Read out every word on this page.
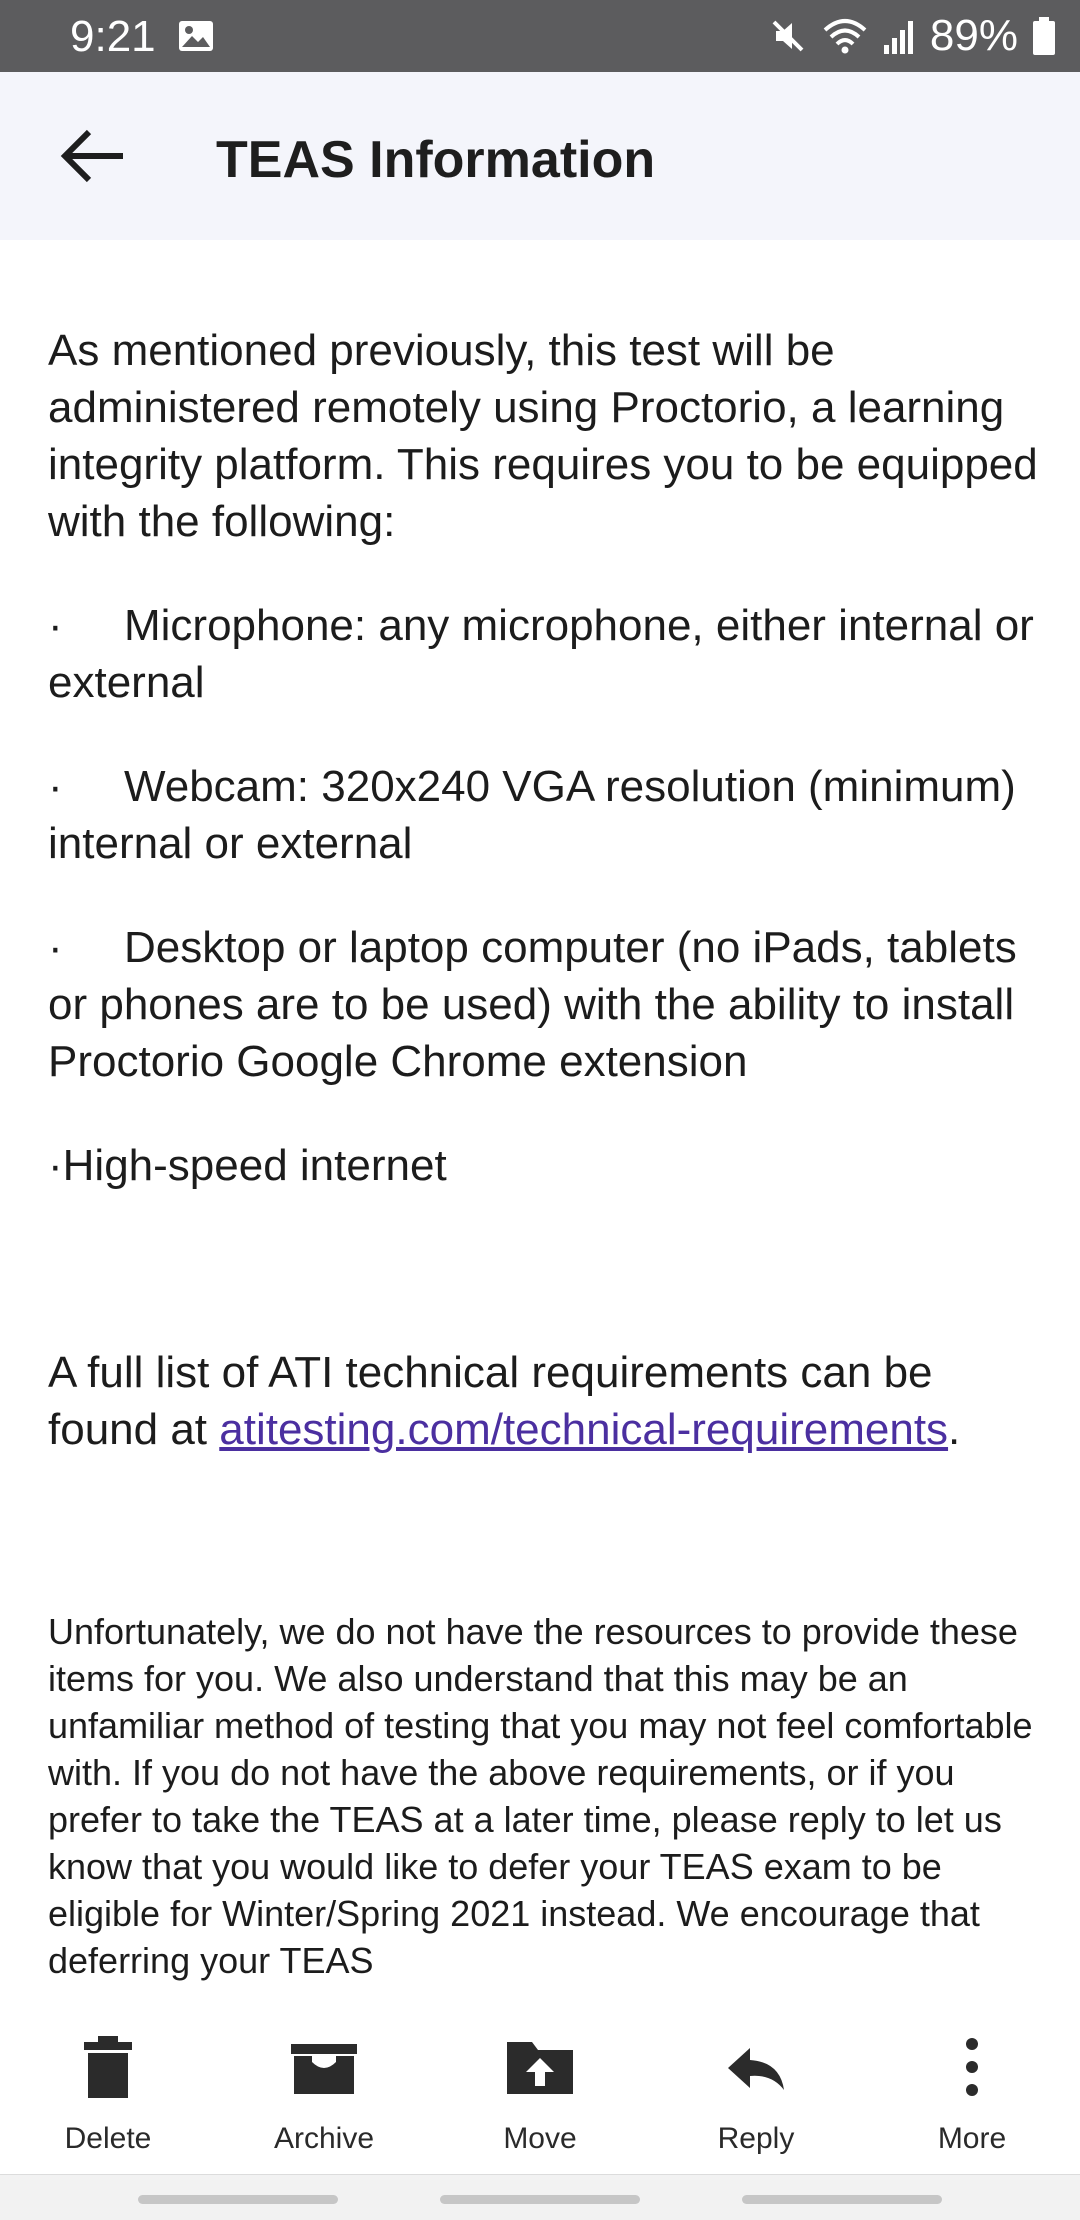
9:21	89%
TEAS Information

As mentioned previously, this test will be administered remotely using Proctorio, a learning integrity platform. This requires you to be equipped with the following:

· Microphone: any microphone, either internal or external

· Webcam: 320x240 VGA resolution (minimum) internal or external

· Desktop or laptop computer (no iPads, tablets or phones are to be used) with the ability to install Proctorio Google Chrome extension

·High-speed internet

A full list of ATI technical requirements can be found at atitesting.com/technical-requirements.

Unfortunately, we do not have the resources to provide these items for you. We also understand that this may be an unfamiliar method of testing that you may not feel comfortable with. If you do not have the above requirements, or if you prefer to take the TEAS at a later time, please reply to let us know that you would like to defer your TEAS exam to be eligible for Winter/Spring 2021 instead. We encourage that deferring your TEAS

Delete	Archive	Move	Reply	More
